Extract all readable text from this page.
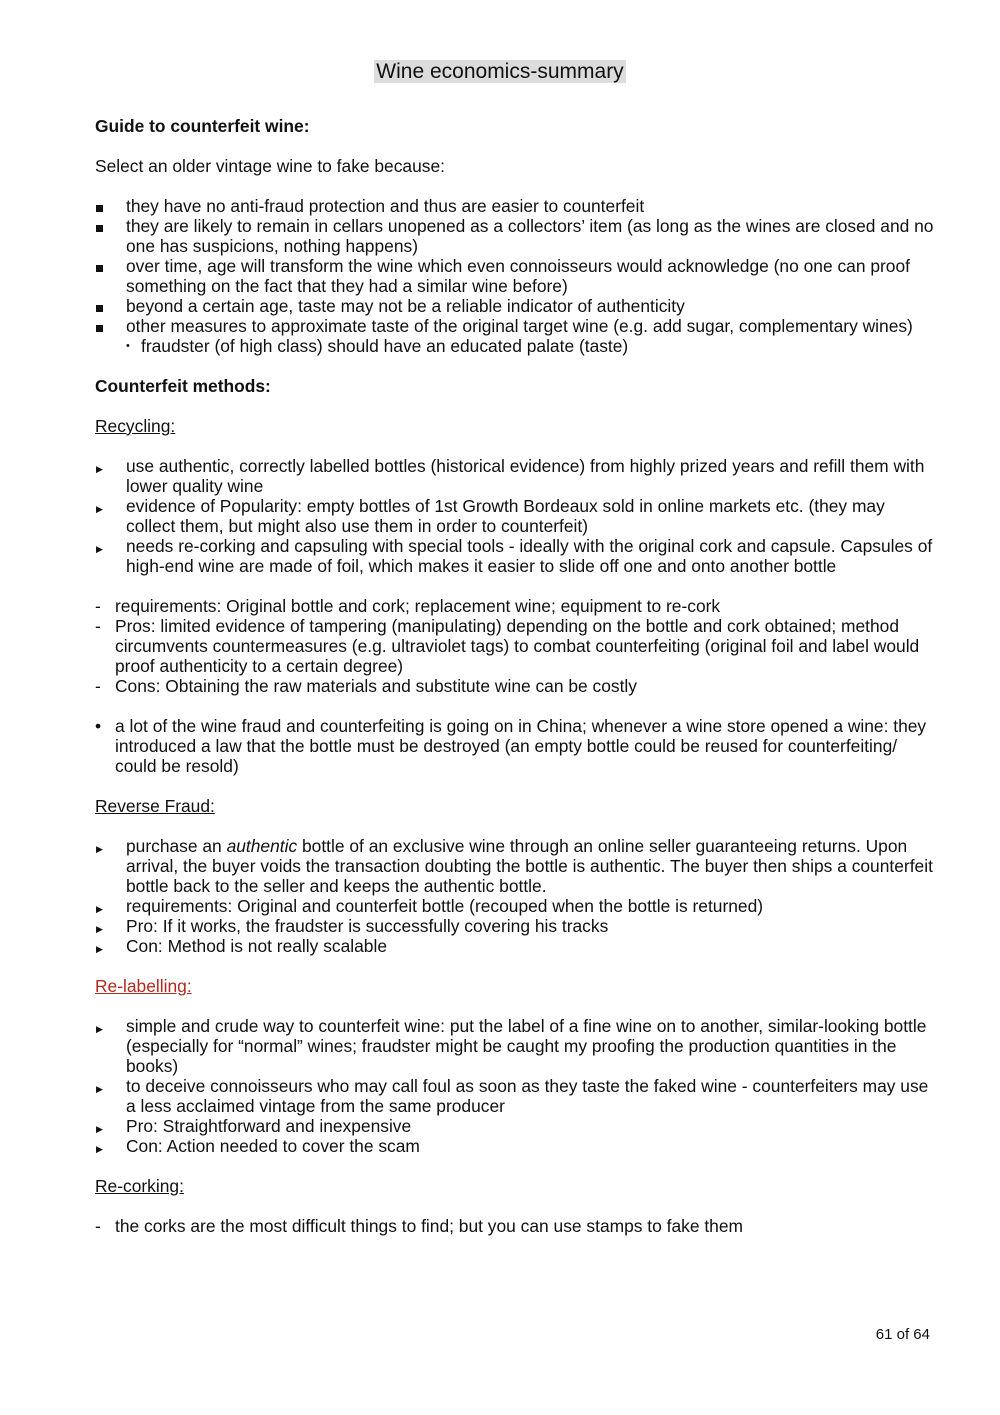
Wine economics-summary

Guide to counterfeit wine:

Select an older vintage wine to fake because:

they have no anti-fraud protection and thus are easier to counterfeit
they are likely to remain in cellars unopened as a collectors’ item (as long as the wines are closed and no one has suspicions, nothing happens)
over time, age will transform the wine which even connoisseurs would acknowledge (no one can proof something on the fact that they had a similar wine before)
beyond a certain age, taste may not be a reliable indicator of authenticity
other measures to approximate taste of the original target wine (e.g. add sugar, complementary wines)
• fraudster (of high class) should have an educated palate (taste)

Counterfeit methods:

Recycling:

▶	use authentic, correctly labelled bottles (historical evidence) from highly prized years and refill them with lower quality wine
▶	evidence of Popularity: empty bottles of 1st Growth Bordeaux sold in online markets etc. (they may collect them, but might also use them in order to counterfeit)
▶	needs re-corking and capsuling with special tools - ideally with the original cork and capsule. Capsules of high-end wine are made of foil, which makes it easier to slide off one and onto another bottle
- requirements: Original bottle and cork; replacement wine; equipment to re-cork
- Pros: limited evidence of tampering (manipulating) depending on the bottle and cork obtained; method circumvents countermeasures (e.g. ultraviolet tags) to combat counterfeiting (original foil and label would proof authenticity to a certain degree)
- Cons: Obtaining the raw materials and substitute wine can be costly
• a lot of the wine fraud and counterfeiting is going on in China; whenever a wine store opened a wine: they introduced a law that the bottle must be destroyed (an empty bottle could be reused for counterfeiting/ could be resold)

Reverse Fraud:

▶	purchase an authentic bottle of an exclusive wine through an online seller guaranteeing returns. Upon arrival, the buyer voids the transaction doubting the bottle is authentic. The buyer then ships a counterfeit bottle back to the seller and keeps the authentic bottle.
▶	requirements: Original and counterfeit bottle (recouped when the bottle is returned)
▶	Pro: If it works, the fraudster is successfully covering his tracks
▶	Con: Method is not really scalable

Re-labelling:

▶	simple and crude way to counterfeit wine: put the label of a fine wine on to another, similar-looking bottle (especially for “normal” wines; fraudster might be caught my proofing the production quantities in the books)
▶	to deceive connoisseurs who may call foul as soon as they taste the faked wine - counterfeiters may use a less acclaimed vintage from the same producer
▶	Pro: Straightforward and inexpensive
▶	Con: Action needed to cover the scam

Re-corking:

- the corks are the most difficult things to find; but you can use stamps to fake them
61 of 64
